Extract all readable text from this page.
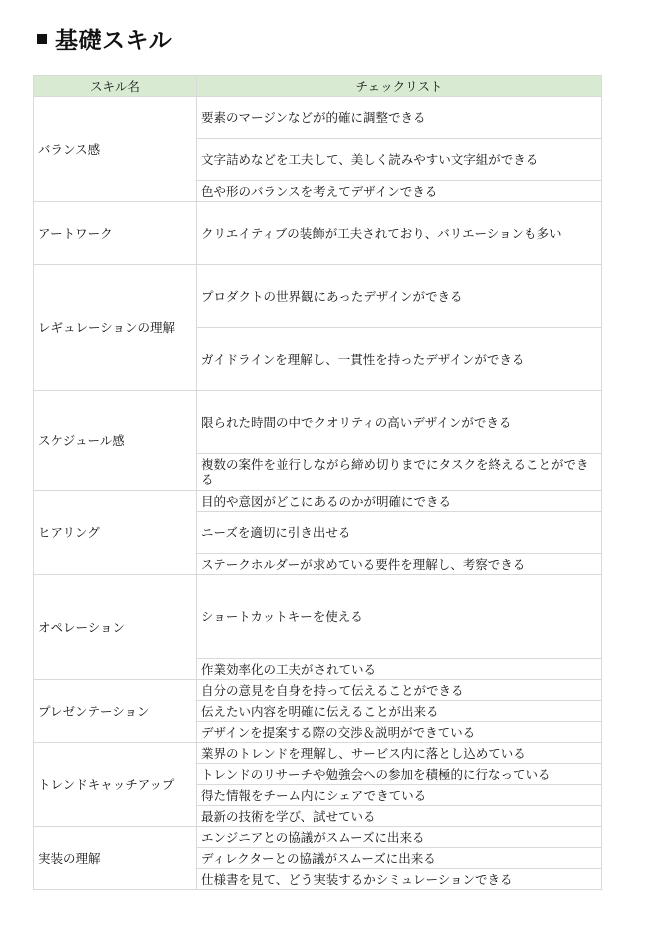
基礎スキル
スキル名	チェックリスト
バランス感	要素のマージンなどが的確に調整できる
	文字詰めなどを工夫して、美しく読みやすい文字組ができる
	色や形のバランスを考えてデザインできる
アートワーク	クリエイティブの装飾が工夫されており、バリエーションも多い
レギュレーションの理解	プロダクトの世界観にあったデザインができる
	ガイドラインを理解し、一貫性を持ったデザインができる
スケジュール感	限られた時間の中でクオリティの高いデザインができる
	複数の案件を並行しながら締め切りまでにタスクを終えることができる
ヒアリング	目的や意図がどこにあるのかが明確にできる
	ニーズを適切に引き出せる
	ステークホルダーが求めている要件を理解し、考察できる
オペレーション	ショートカットキーを使える
	作業効率化の工夫がされている
プレゼンテーション	自分の意見を自身を持って伝えることができる
	伝えたい内容を明確に伝えることが出来る
	デザインを提案する際の交渉＆説明ができている
トレンドキャッチアップ	業界のトレンドを理解し、サービス内に落とし込めている
	トレンドのリサーチや勉強会への参加を積極的に行なっている
	得た情報をチーム内にシェアできている
	最新の技術を学び、試せている
実装の理解	エンジニアとの協議がスムーズに出来る
	ディレクターとの協議がスムーズに出来る
	仕様書を見て、どう実装するかシミュレーションできる
